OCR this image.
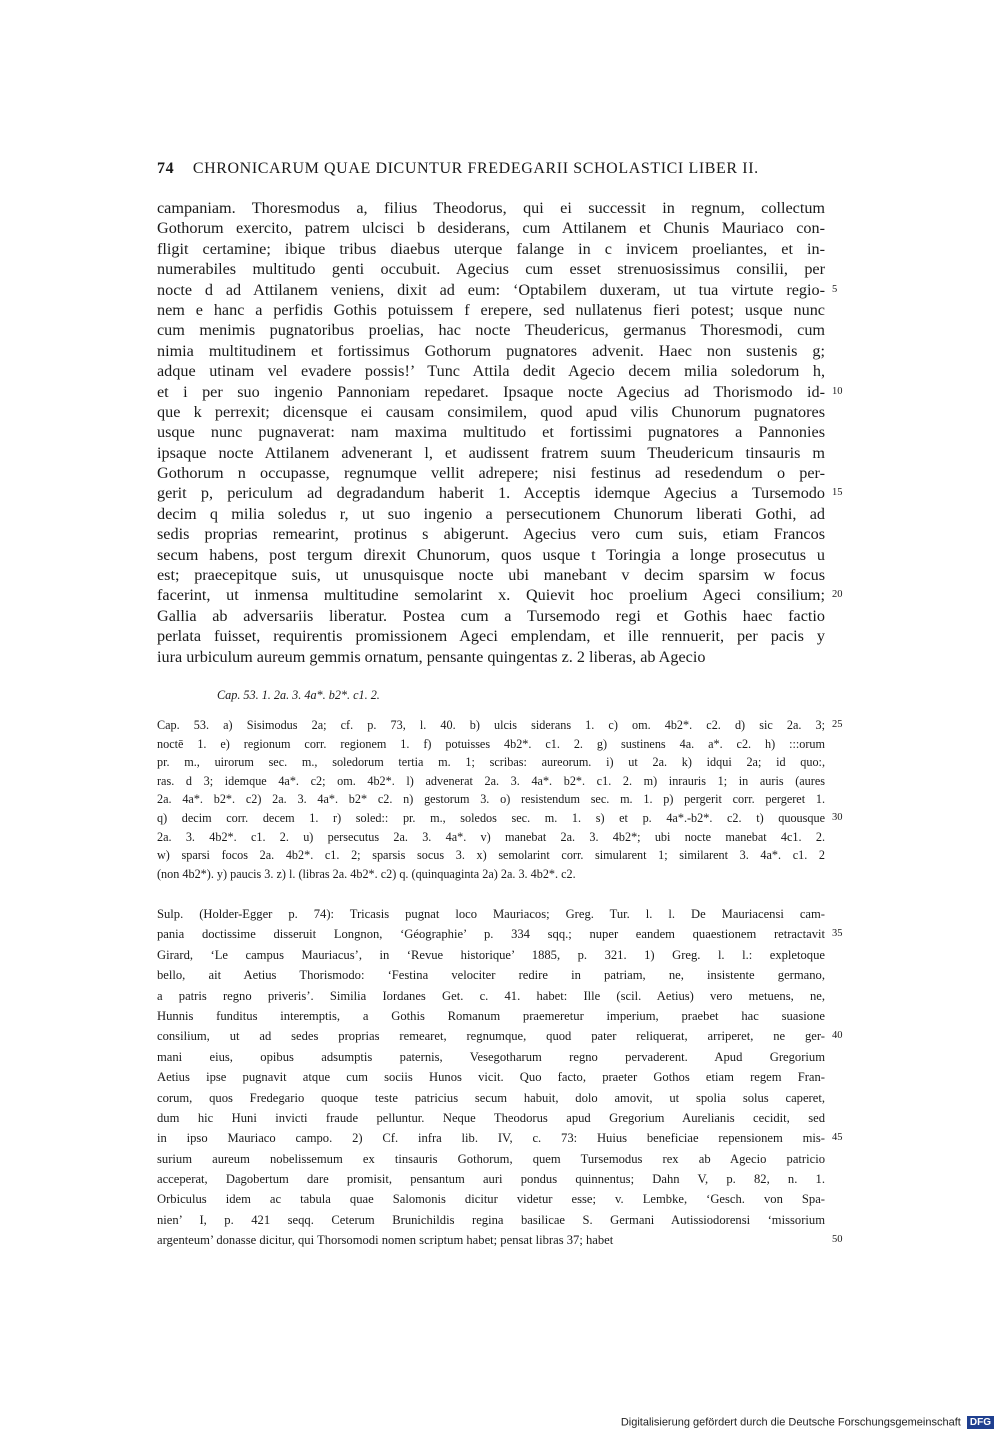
74 CHRONICARUM QUAE DICUNTUR FREDEGARII SCHOLASTICI LIBER II.
campaniam. Thoresmodus a, filius Theodorus, qui ei successit in regnum, collectum
Gothorum exercito, patrem ulcisci b desiderans, cum Attilanem et Chunis Mauriaco con-
fligit certamine; ibique tribus diaebus uterque falange in c invicem proeliantes, et in-
numerabiles multitudo genti occubuit. Agecius cum esset strenuosissimus consilii, per
nocte d ad Attilanem veniens, dixit ad eum: ‘Optabilem duxeram, ut tua virtute regio- 5
nem e hanc a perfidis Gothis potuissem f erepere, sed nullatenus fieri potest; usque nunc
cum menimis pugnatoribus proelias, hac nocte Theudericus, germanus Thoresmodi, cum
nimia multitudinem et fortissimus Gothorum pugnatores advenit. Haec non sustenis g;
adque utinam vel evadere possis!’ Tunc Attila dedit Agecio decem milia soledorum h,
et i per suo ingenio Pannoniam repedaret. Ipsaque nocte Agecius ad Thorismodo id- 10
que k perrexit; dicensque ei causam consimilem, quod apud vilis Chunorum pugnatores
usque nunc pugnaverat: nam maxima multitudo et fortissimi pugnatores a Pannonies
ipsaque nocte Attilanem advenerant l, et audissent fratrem suum Theudericum tinsauris m
Gothorum n occupasse, regnumque vellit adrepere; nisi festinus ad resedendum o per-
gerit p, periculum ad degradandum haberit 1. Acceptis idemque Agecius a Tursemodo 15
decim q milia soledus r, ut suo ingenio a persecutionem Chunorum liberati Gothi, ad
sedis proprias remearint, protinus s abigerunt. Agecius vero cum suis, etiam Francos
secum habens, post tergum direxit Chunorum, quos usque t Toringia a longe prosecutus u
est; praecepitque suis, ut unusquisque nocte ubi manebant v decim sparsim w focus
facerint, ut inmensa multitudine semolarint x. Quievit hoc proelium Ageci consilium; 20
Gallia ab adversariis liberatur. Postea cum a Tursemodo regi et Gothis haec factio
perlata fuisset, requirentis promissionem Ageci emplendam, et ille rennuerit, per pacis y
iura urbiculum aureum gemmis ornatum, pensante quingentas z. 2 liberas, ab Agecio
Cap. 53. 1. 2a. 3. 4a*. b2*. c1. 2.
Cap. 53. a) Sisimodus 2a; cf. p. 73, l. 40. b) ulcis siderans 1. c) om. 4b2*. c2. d) sic 2a. 3; 25
noctē 1. e) regionum corr. regionem 1. f) potuisses 4b2*. c1. 2. g) sustinens 4a. a*. c2. h) :::orum
pr. m., uirorum sec. m., soledorum tertia m. 1; scribas: aureorum. i) ut 2a. k) idqui 2a; id quo:,
ras. d 3; idemque 4a*. c2; om. 4b2*. l) advenerat 2a. 3. 4a*. b2*. c1. 2. m) inrauris 1; in auris (aures
2a. 4a*. b2*. c2) 2a. 3. 4a*. b2* c2. n) gestorum 3. o) resistendum sec. m. 1. p) pergerit corr. pergeret 1.
q) decim corr. decem 1. r) soled:: pr. m., soledos sec. m. 1. s) et p. 4a*.-b2*. c2. t) quousque 30
2a. 3. 4b2*. c1. 2. u) persecutus 2a. 3. 4a*. v) manebat 2a. 3. 4b2*; ubi nocte manebat 4c1. 2.
w) sparsi focos 2a. 4b2*. c1. 2; sparsis socus 3. x) semolarint corr. simularent 1; similarent 3. 4a*. c1. 2
(non 4b2*). y) paucis 3. z) l. (libras 2a. 4b2*. c2) q. (quinquaginta 2a) 2a. 3. 4b2*. c2.
Sulp. (Holder-Egger p. 74): Tricasis pugnat loco Mauriacos; Greg. Tur. l. l. De Mauriacensi cam-
pania doctissime disseruit Longnon, ‘Géographie’ p. 334 sqq.; nuper eandem quaestionem retractavit 35
Girard, ‘Le campus Mauriacus’, in ‘Revue historique’ 1885, p. 321. 1) Greg. l. l.: expletoque
bello, ait Aetius Thorismodo: ‘Festina velociter redire in patriam, ne, insistente germano,
a patris regno priveris’. Similia Iordanes Get. c. 41. habet: Ille (scil. Aetius) vero metuens, ne,
Hunnis funditus interemptis, a Gothis Romanum praemeretur imperium, praebet hac suasione
consilium, ut ad sedes proprias remearet, regnumque, quod pater reliquerat, arriperet, ne ger- 40
mani eius, opibus adsumptis paternis, Vesegotharum regno pervaderent. Apud Gregorium
Aetius ipse pugnavit atque cum sociis Hunos vicit. Quo facto, praeter Gothos etiam regem Fran-
corum, quos Fredegario quoque teste patricius secum habuit, dolo amovit, ut spolia solus caperet,
dum hic Huni invicti fraude pelluntur. Neque Theodorus apud Gregorium Aurelianis cecidit, sed
in ipso Mauriaco campo. 2) Cf. infra lib. IV, c. 73: Huius beneficiae repensionem mis- 45
surium aureum nobelissemum ex tinsauris Gothorum, quem Tursemodus rex ab Agecio patricio
acceperat, Dagobertum dare promisit, pensantum auri pondus quinnentus; Dahn V, p. 82, n. 1.
Orbiculus idem ac tabula quae Salomonis dicitur videtur esse; v. Lembke, ‘Gesch. von Spa-
nien’ I, p. 421 seqq. Ceterum Brunichildis regina basilicae S. Germani Autissiodorensi ‘missorium
argenteum’ donasse dicitur, qui Thorsomodi nomen scriptum habet; pensat libras 37; habet	50
Digitalisierung gefördert durch die Deutsche Forschungsgemeinschaft DFG
